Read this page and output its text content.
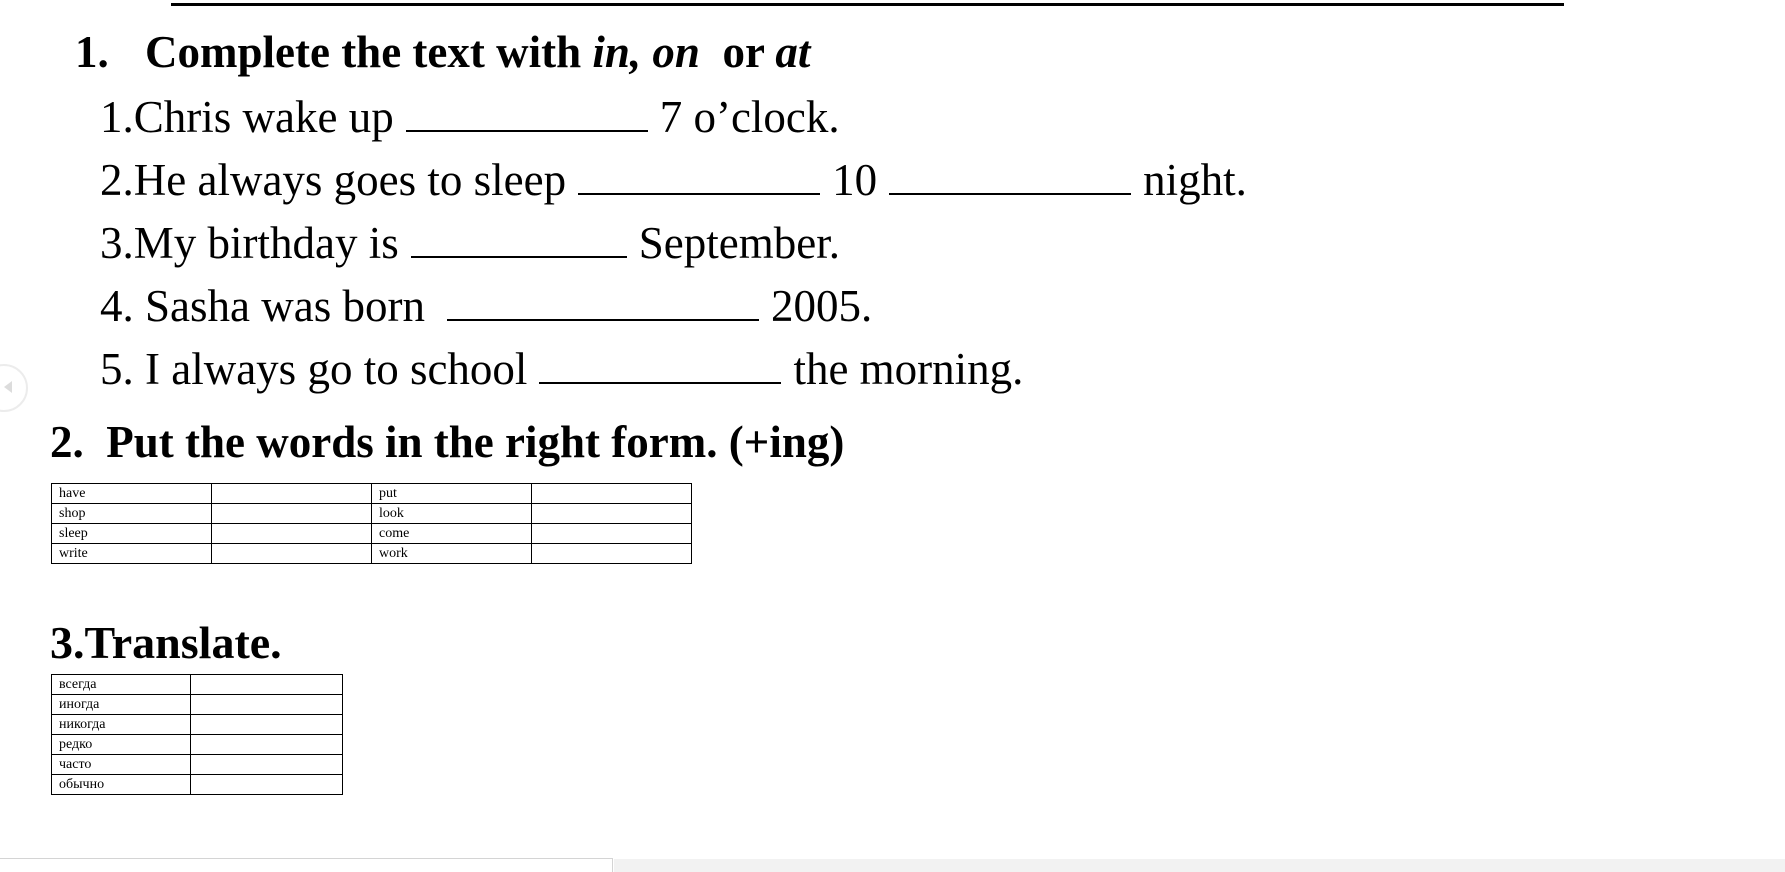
1. Complete the text with in, on or at
1.Chris wake up	7 o’clock.
2.He always goes to sleep	10	night.
3.My birthday is	September.
4. Sasha was born	2005.
5. I always go to school	the morning.
2.  Put the words in the right form. (+ing)
have		put	
shop		look	
sleep		come	
write		work	
3.Translate.
всегда	
иногда	
никогда	
редко	
часто	
обычно	
